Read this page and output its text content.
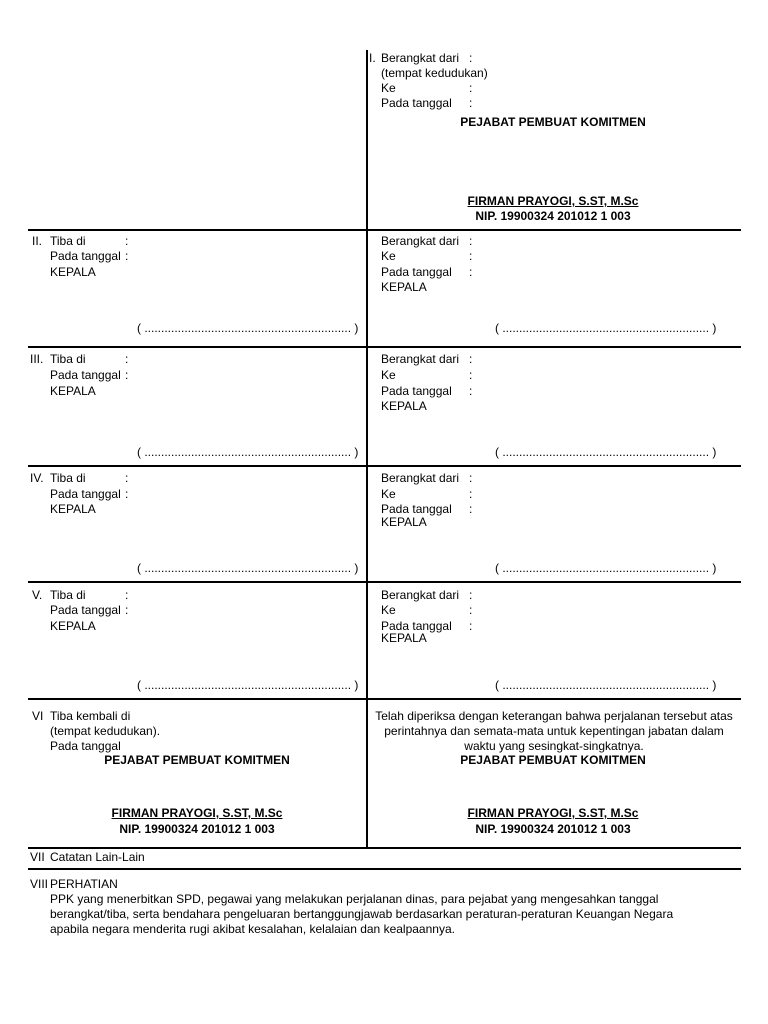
I. Berangkat dari :
(tempat kedudukan)
Ke	:
Pada tanggal :
PEJABAT PEMBUAT KOMITMEN
FIRMAN PRAYOGI, S.ST, M.Sc
NIP. 19900324 201012 1 003
II. Tiba di	:
Pada tanggal :
KEPALA
( .............................................................. )
Berangkat dari :
Ke	:
Pada tanggal :
KEPALA
( .............................................................. )
III. Tiba di	:
Pada tanggal :
KEPALA
( .............................................................. )
Berangkat dari :
Ke	:
Pada tanggal :
KEPALA
( .............................................................. )
IV. Tiba di	:
Pada tanggal :
KEPALA
( .............................................................. )
Berangkat dari :
Ke	:
Pada tanggal :
KEPALA
( .............................................................. )
V. Tiba di	:
Pada tanggal :
KEPALA
( .............................................................. )
Berangkat dari :
Ke	:
Pada tanggal :
KEPALA
( .............................................................. )
VI Tiba kembali di
(tempat kedudukan).
Pada tanggal
PEJABAT PEMBUAT KOMITMEN
FIRMAN PRAYOGI, S.ST, M.Sc
NIP. 19900324 201012 1 003
Telah diperiksa dengan keterangan bahwa perjalanan tersebut atas perintahnya dan semata-mata untuk kepentingan jabatan dalam waktu yang sesingkat-singkatnya.
PEJABAT PEMBUAT KOMITMEN
FIRMAN PRAYOGI, S.ST, M.Sc
NIP. 19900324 201012 1 003
VII Catatan Lain-Lain
VIII PERHATIAN
PPK yang menerbitkan SPD, pegawai yang melakukan perjalanan dinas, para pejabat yang mengesahkan tanggal berangkat/tiba, serta bendahara pengeluaran bertanggungjawab berdasarkan peraturan-peraturan Keuangan Negara apabila negara menderita rugi akibat kesalahan, kelalaian dan kealpaannya.
